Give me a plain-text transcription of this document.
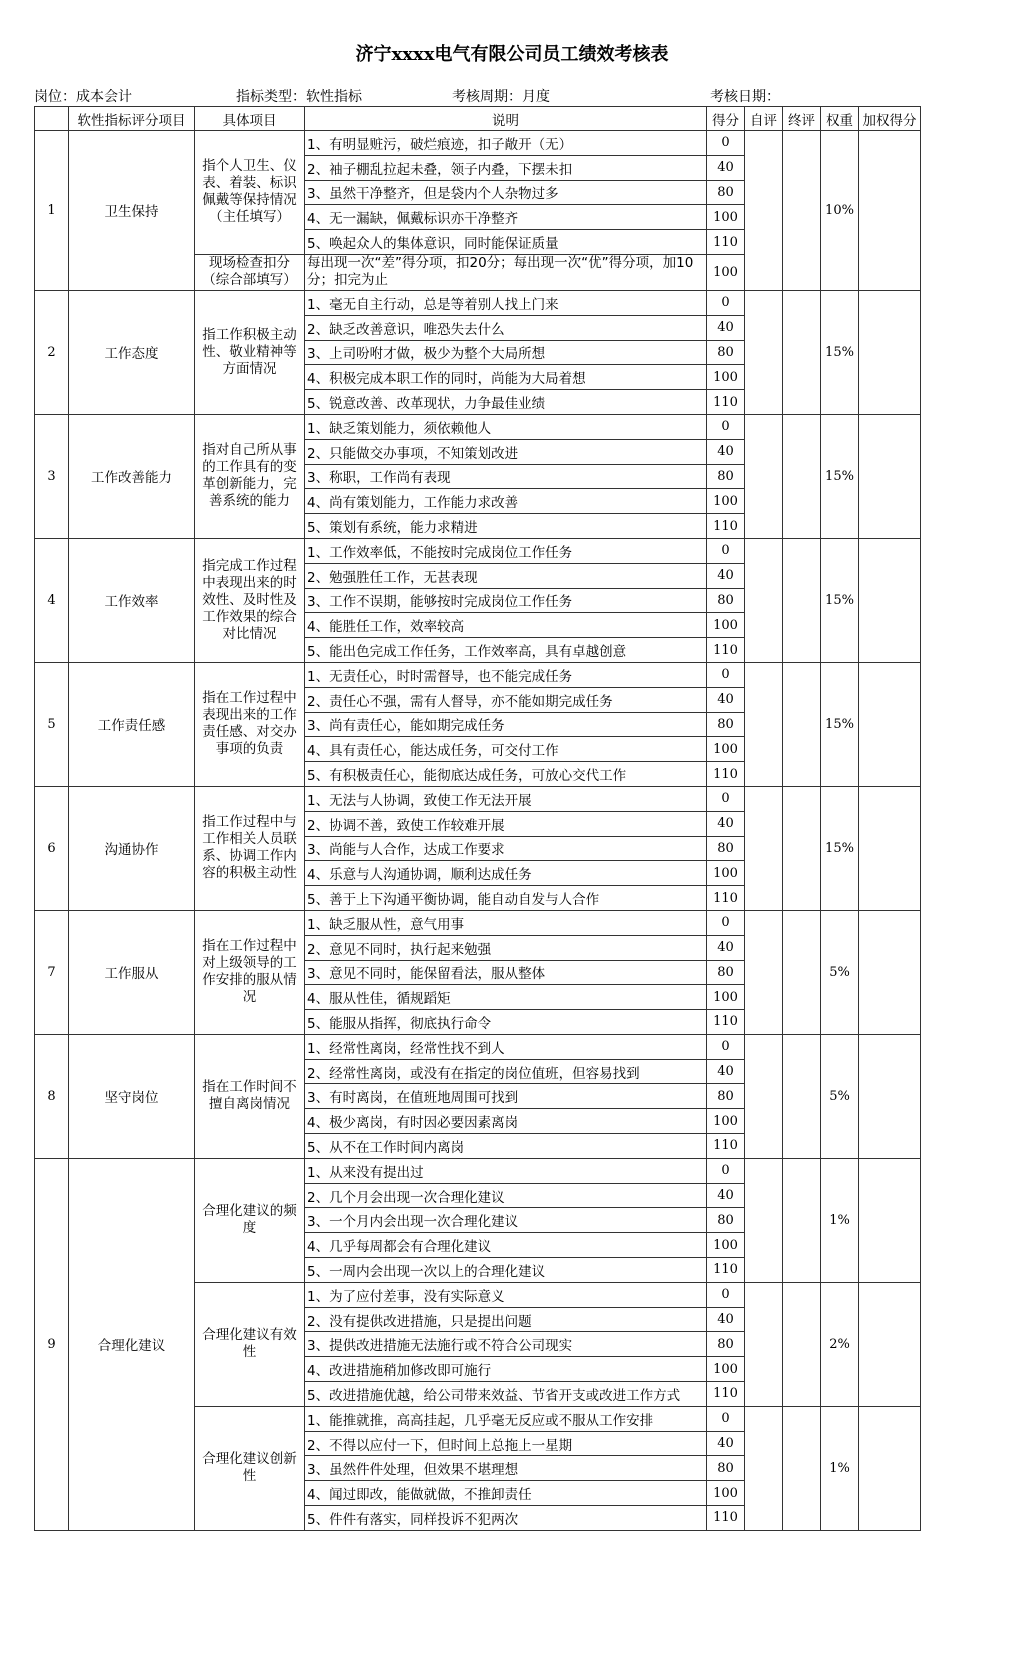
济宁xxxx电气有限公司员工绩效考核表
岗位：成本会计	指标类型：软性指标	考核周期：月度	考核日期：
	软性指标评分项目	具体项目	说明	得分	自评	终评	权重	加权得分
1	卫生保持	指个人卫生、仪表、着装、标识佩戴等保持情况（主任填写）	1、有明显赃污，破烂痕迹，扣子敞开（无）	0			10%	
			2、袖子棚乱拉起未叠，领子内叠，下摆未扣	40				
			3、虽然干净整齐，但是袋内个人杂物过多	80				
			4、无一漏缺，佩戴标识亦干净整齐	100				
			5、唤起众人的集体意识，同时能保证质量	110				
		现场检查扣分（综合部填写）	每出现一次“差”得分项，扣20分；每出现一次“优”得分项，加10分；扣完为止	100				
2	工作态度	指工作积极主动性、敬业精神等方面情况	1、毫无自主行动，总是等着别人找上门来	0			15%	
			2、缺乏改善意识，唯恐失去什么	40				
			3、上司吩咐才做，极少为整个大局所想	80				
			4、积极完成本职工作的同时，尚能为大局着想	100				
			5、锐意改善、改革现状，力争最佳业绩	110				
3	工作改善能力	指对自己所从事的工作具有的变革创新能力，完善系统的能力	1、缺乏策划能力，须依赖他人	0			15%	
			2、只能做交办事项，不知策划改进	40				
			3、称职，工作尚有表现	80				
			4、尚有策划能力，工作能力求改善	100				
			5、策划有系统，能力求精进	110				
4	工作效率	指完成工作过程中表现出来的时效性、及时性及工作效果的综合对比情况	1、工作效率低，不能按时完成岗位工作任务	0			15%	
			2、勉强胜任工作，无甚表现	40				
			3、工作不误期，能够按时完成岗位工作任务	80				
			4、能胜任工作，效率较高	100				
			5、能出色完成工作任务，工作效率高，具有卓越创意	110				
5	工作责任感	指在工作过程中表现出来的工作责任感、对交办事项的负责	1、无责任心，时时需督导，也不能完成任务	0			15%	
			2、责任心不强，需有人督导，亦不能如期完成任务	40				
			3、尚有责任心，能如期完成任务	80				
			4、具有责任心，能达成任务，可交付工作	100				
			5、有积极责任心，能彻底达成任务，可放心交代工作	110				
6	沟通协作	指工作过程中与工作相关人员联系、协调工作内容的积极主动性	1、无法与人协调，致使工作无法开展	0			15%	
			2、协调不善，致使工作较难开展	40				
			3、尚能与人合作，达成工作要求	80				
			4、乐意与人沟通协调，顺利达成任务	100				
			5、善于上下沟通平衡协调，能自动自发与人合作	110				
7	工作服从	指在工作过程中对上级领导的工作安排的服从情况	1、缺乏服从性，意气用事	0			5%	
			2、意见不同时，执行起来勉强	40				
			3、意见不同时，能保留看法，服从整体	80				
			4、服从性佳，循规蹈矩	100				
			5、能服从指挥，彻底执行命令	110				
8	坚守岗位	指在工作时间不擅自离岗情况	1、经常性离岗，经常性找不到人	0			5%	
			2、经常性离岗，或没有在指定的岗位值班，但容易找到	40				
			3、有时离岗，在值班地周围可找到	80				
			4、极少离岗，有时因必要因素离岗	100				
			5、从不在工作时间内离岗	110				
9	合理化建议	合理化建议的频度	1、从来没有提出过	0			1%	
			2、几个月会出现一次合理化建议	40				
			3、一个月内会出现一次合理化建议	80				
			4、几乎每周都会有合理化建议	100				
			5、一周内会出现一次以上的合理化建议	110				
		合理化建议有效性	1、为了应付差事，没有实际意义	0			2%	
			2、没有提供改进措施，只是提出问题	40				
			3、提供改进措施无法施行或不符合公司现实	80				
			4、改进措施稍加修改即可施行	100				
			5、改进措施优越，给公司带来效益、节省开支或改进工作方式	110				
		合理化建议创新性	1、能推就推，高高挂起，几乎毫无反应或不服从工作安排	0			1%	
			2、不得以应付一下，但时间上总拖上一星期	40				
			3、虽然件件处理，但效果不堪理想	80				
			4、闻过即改，能做就做，不推卸责任	100				
			5、件件有落实，同样投诉不犯两次	110				
